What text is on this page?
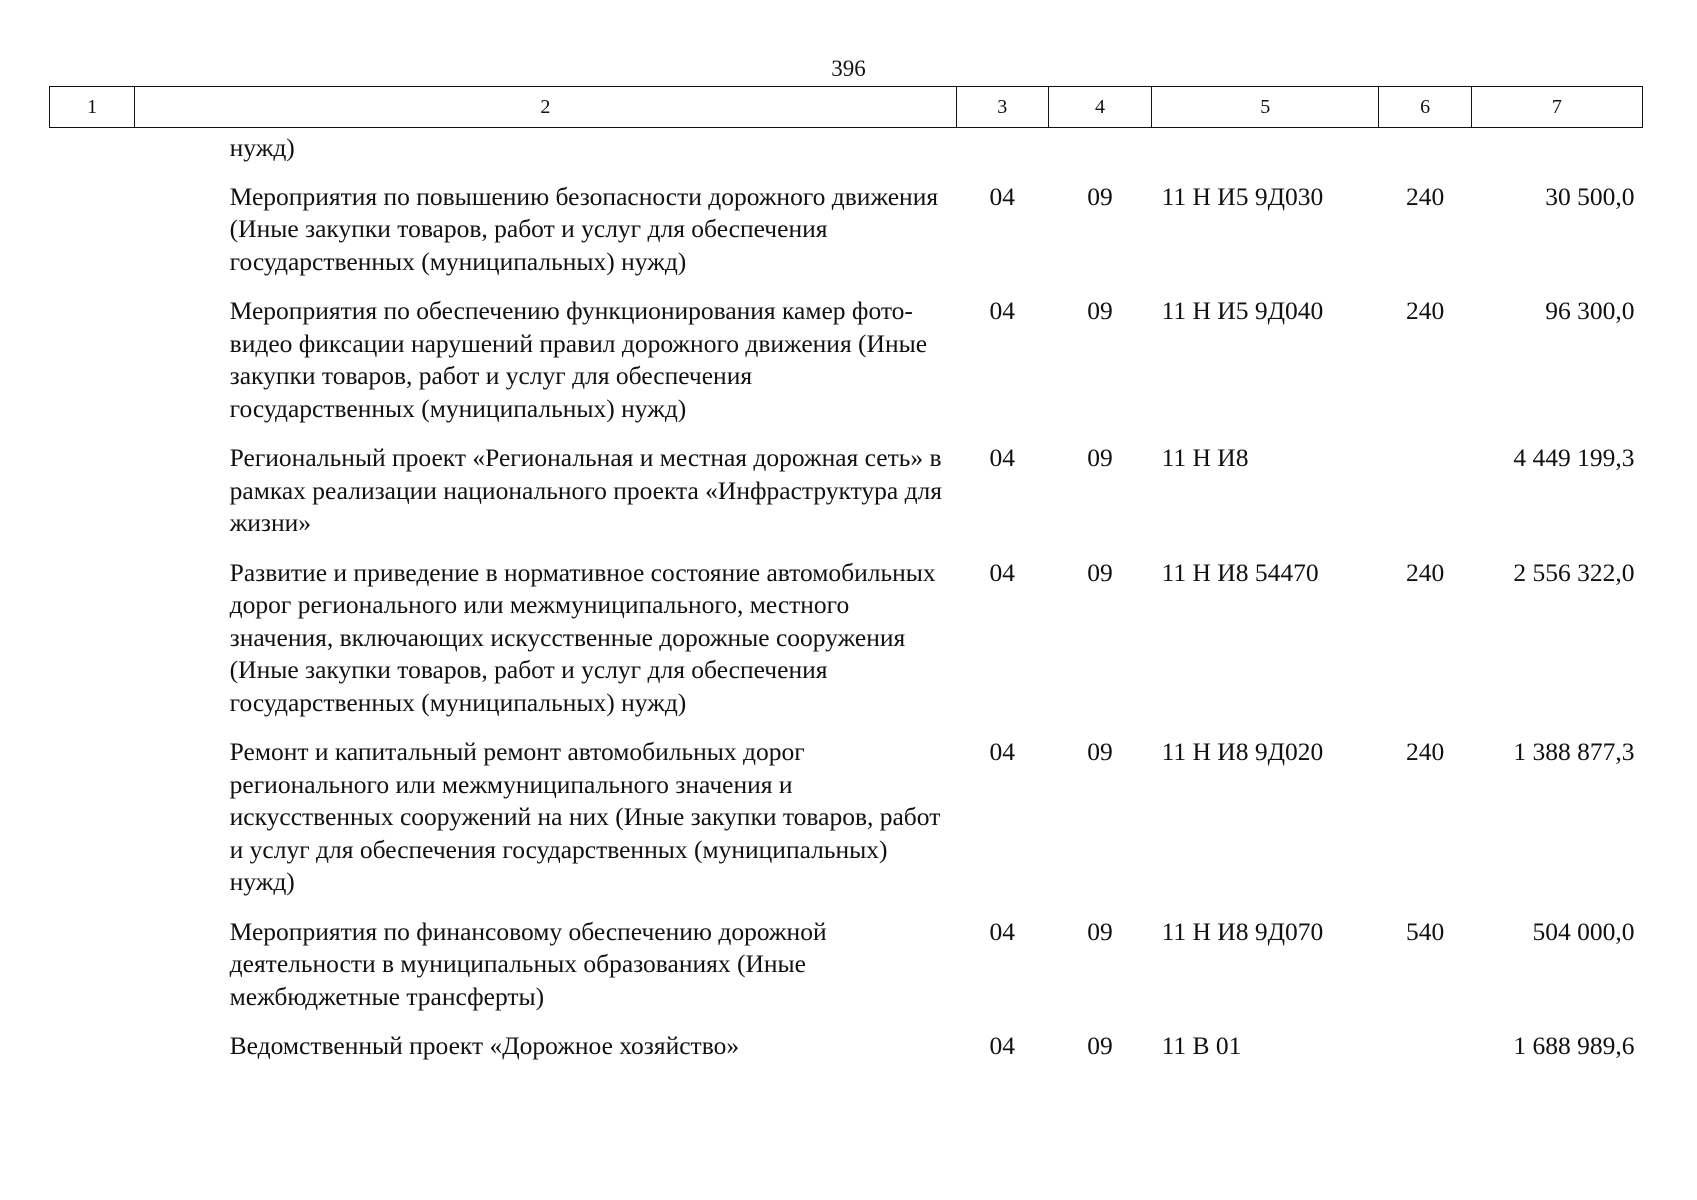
396
1	2	3	4	5	6	7
	нужд)					
	Мероприятия по повышению безопасности дорожного движения (Иные закупки товаров, работ и услуг для обеспечения государственных (муниципальных) нужд)	04	09	11 Н И5 9Д030	240	30 500,0
	Мероприятия по обеспечению функционирования камер фото-видео фиксации нарушений правил дорожного движения (Иные закупки товаров, работ и услуг для обеспечения государственных (муниципальных) нужд)	04	09	11 Н И5 9Д040	240	96 300,0
	Региональный проект «Региональная и местная дорожная сеть» в рамках реализации национального проекта «Инфраструктура для жизни»	04	09	11 Н И8		4 449 199,3
	Развитие и приведение в нормативное состояние автомобильных дорог регионального или межмуниципального, местного значения, включающих искусственные дорожные сооружения (Иные закупки товаров, работ и услуг для обеспечения государственных (муниципальных) нужд)	04	09	11 Н И8 54470	240	2 556 322,0
	Ремонт и капитальный ремонт автомобильных дорог регионального или межмуниципального значения и искусственных сооружений на них (Иные закупки товаров, работ и услуг для обеспечения государственных (муниципальных) нужд)	04	09	11 Н И8 9Д020	240	1 388 877,3
	Мероприятия по финансовому обеспечению дорожной деятельности в муниципальных образованиях (Иные межбюджетные трансферты)	04	09	11 Н И8 9Д070	540	504 000,0
	Ведомственный проект «Дорожное хозяйство»	04	09	11 В 01		1 688 989,6
